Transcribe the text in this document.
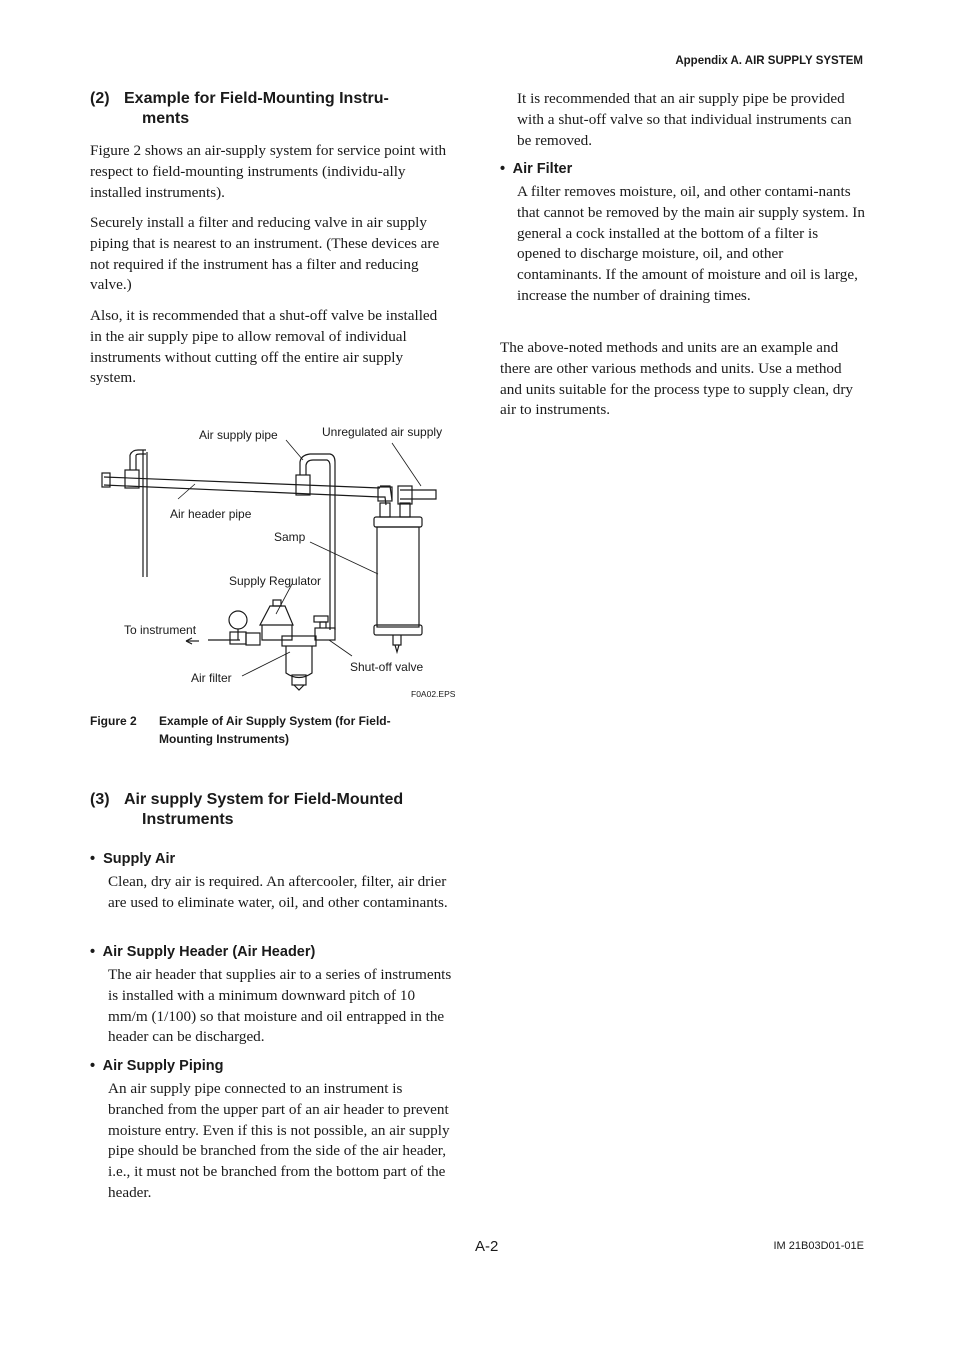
Appendix A. AIR SUPPLY SYSTEM
(2) Example for Field-Mounting Instru-
ments

Figure 2 shows an air-supply system for service point with respect to field-mounting instruments (individu-ally installed instruments).

Securely install a filter and reducing valve in air supply piping that is nearest to an instrument. (These devices are not required if the instrument has a filter and reducing valve.)

Also, it is recommended that a shut-off valve be installed in the air supply pipe to allow removal of individual instruments without cutting off the entire air supply system.

Air supply pipe	Unregulated air supply
Air header pipe
Samp
Supply Regulator
To instrument
Air filter
Shut-off valve
F0A02.EPS
Figure 2 Example of Air Supply System (for Field-
Mounting Instruments)
(3) Air supply System for Field-Mounted
Instruments
•  Supply Air

Clean, dry air is required. An aftercooler, filter, air drier are used to eliminate water, oil, and other contaminants.

•  Air Supply Header (Air Header)

The air header that supplies air to a series of instruments is installed with a minimum downward pitch of 10 mm/m (1/100) so that moisture and oil entrapped in the header can be discharged.

•  Air Supply Piping

An air supply pipe connected to an instrument is branched from the upper part of an air header to prevent moisture entry. Even if this is not possible, an air supply pipe should be branched from the side of the air header, i.e., it must not be branched from the bottom part of the header.

It is recommended that an air supply pipe be provided with a shut-off valve so that individual instruments can be removed.

•  Air Filter

A filter removes moisture, oil, and other contami-nants that cannot be removed by the main air supply system. In general a cock installed at the bottom of a filter is opened to discharge moisture, oil, and other contaminants. If the amount of moisture and oil is large, increase the number of draining times.

The above-noted methods and units are an example and there are other various methods and units. Use a method and units suitable for the process type to supply clean, dry air to instruments.

A-2	IM 21B03D01-01E
